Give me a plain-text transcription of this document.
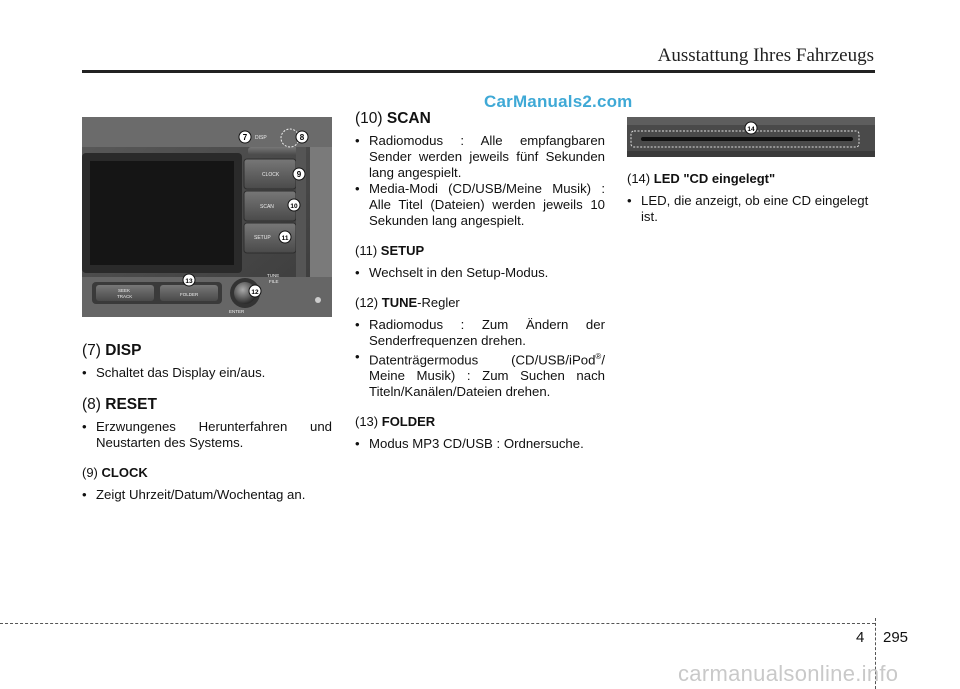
Ausstattung Ihres Fahrzeugs
CarManuals2.com
DISP
CLOCK
SCAN
SETUP
SEEK
TRACK	FOLDER
TUNE
FILE
ENTER
7	8
9
10
11
12
13
14

(7) DISP

• Schaltet das Display ein/aus.

(8) RESET

• Erzwungenes Herunterfahren und Neustarten des Systems.

(9) CLOCK

• Zeigt Uhrzeit/Datum/Wochentag an.

(10) SCAN

• Radiomodus : Alle empfangbaren Sender werden jeweils fünf Sekunden lang angespielt.

• Media-Modi (CD/USB/Meine Musik) : Alle Titel (Dateien) werden jeweils 10 Sekunden lang angespielt.

(11) SETUP

• Wechselt in den Setup-Modus.

(12) TUNE-Regler

• Radiomodus : Zum Ändern der Senderfrequenzen drehen.

• Datenträgermodus (CD/USB/iPod®/ Meine Musik) : Zum Suchen nach Titeln/Kanälen/Dateien drehen.

(13) FOLDER

• Modus MP3 CD/USB : Ordnersuche.

(14) LED "CD eingelegt"

• LED, die anzeigt, ob eine CD eingelegt ist.

4 295
carmanualsonline.info
